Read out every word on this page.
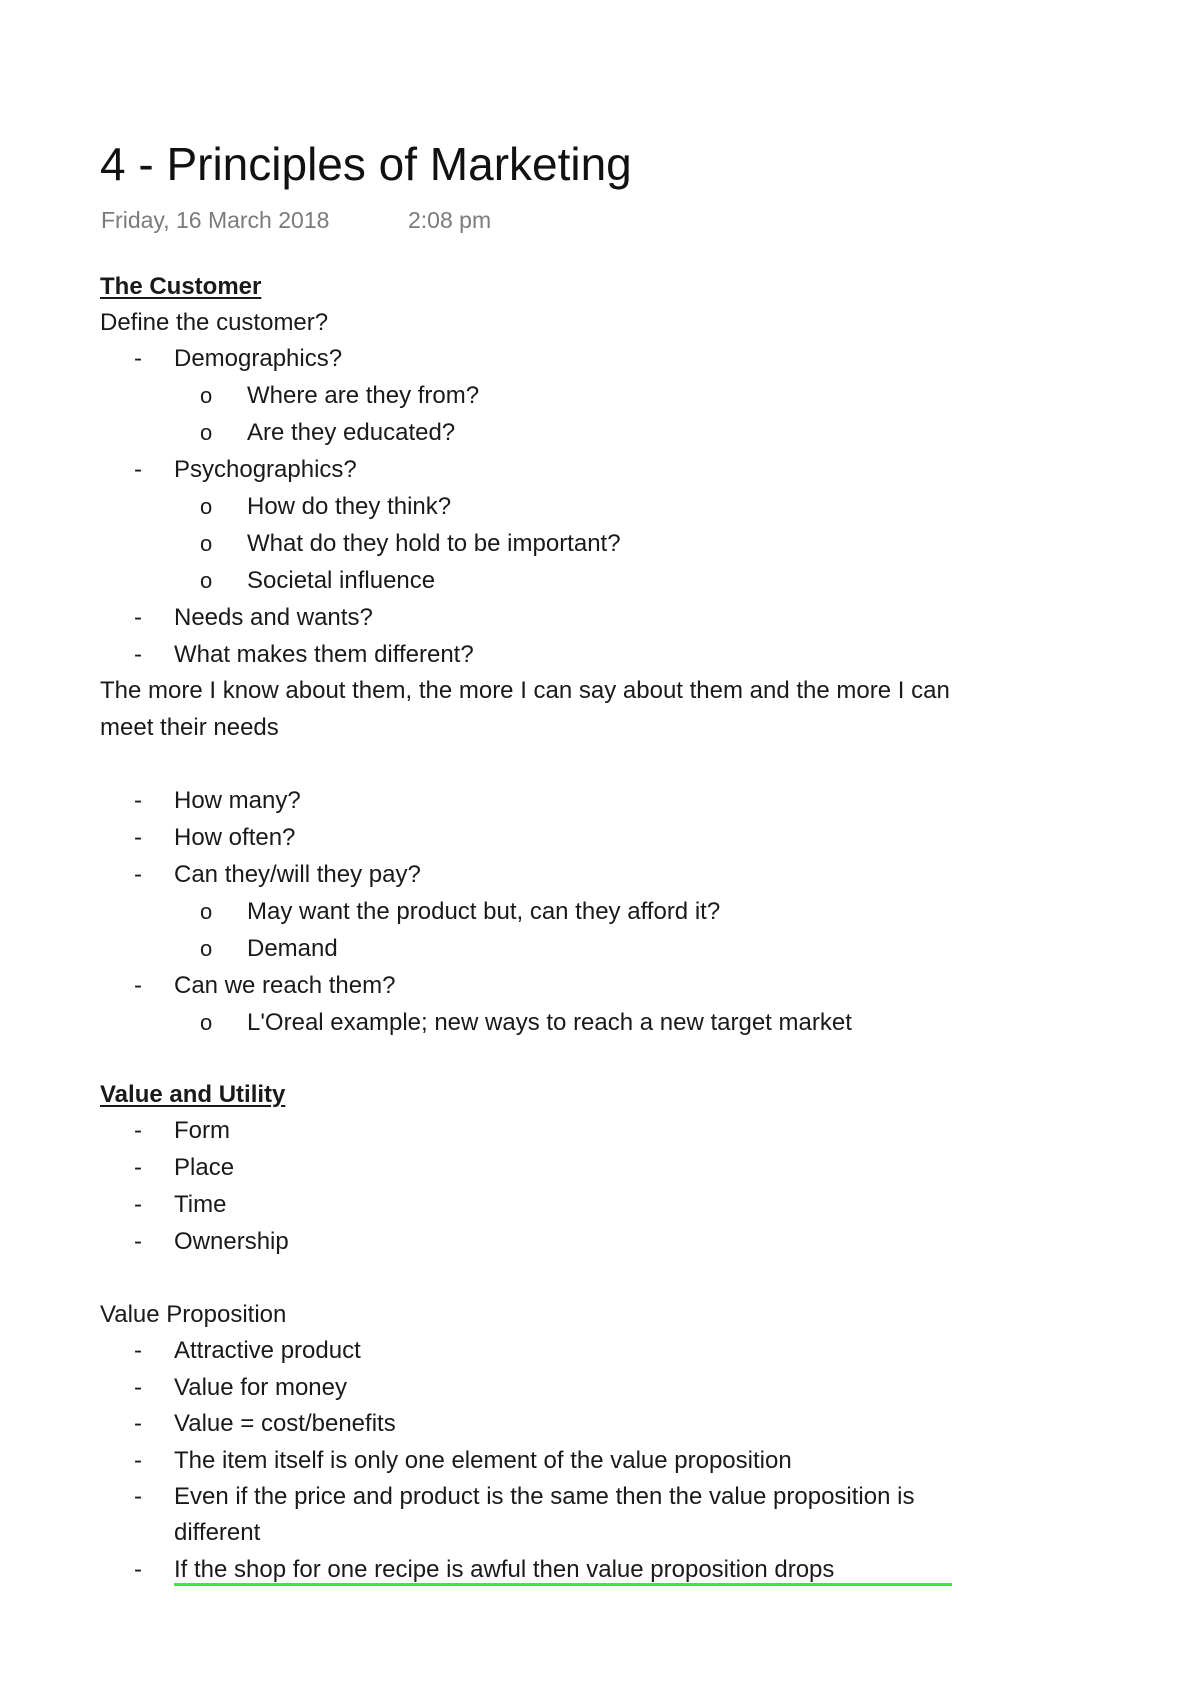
4 - Principles of Marketing
Friday, 16 March 2018	2:08 pm
The Customer
Define the customer?
- Demographics?
o Where are they from?
o Are they educated?
- Psychographics?
o How do they think?
o What do they hold to be important?
o Societal influence
- Needs and wants?
- What makes them different?
The more I know about them, the more I can say about them and the more I can
meet their needs
- How many?
- How often?
- Can they/will they pay?
o May want the product but, can they afford it?
o Demand
- Can we reach them?
o L'Oreal example; new ways to reach a new target market
Value and Utility
- Form
- Place
- Time
- Ownership
Value Proposition
- Attractive product
- Value for money
- Value = cost/benefits
- The item itself is only one element of the value proposition
- Even if the price and product is the same then the value proposition is
different
- If the shop for one recipe is awful then value proposition drops
